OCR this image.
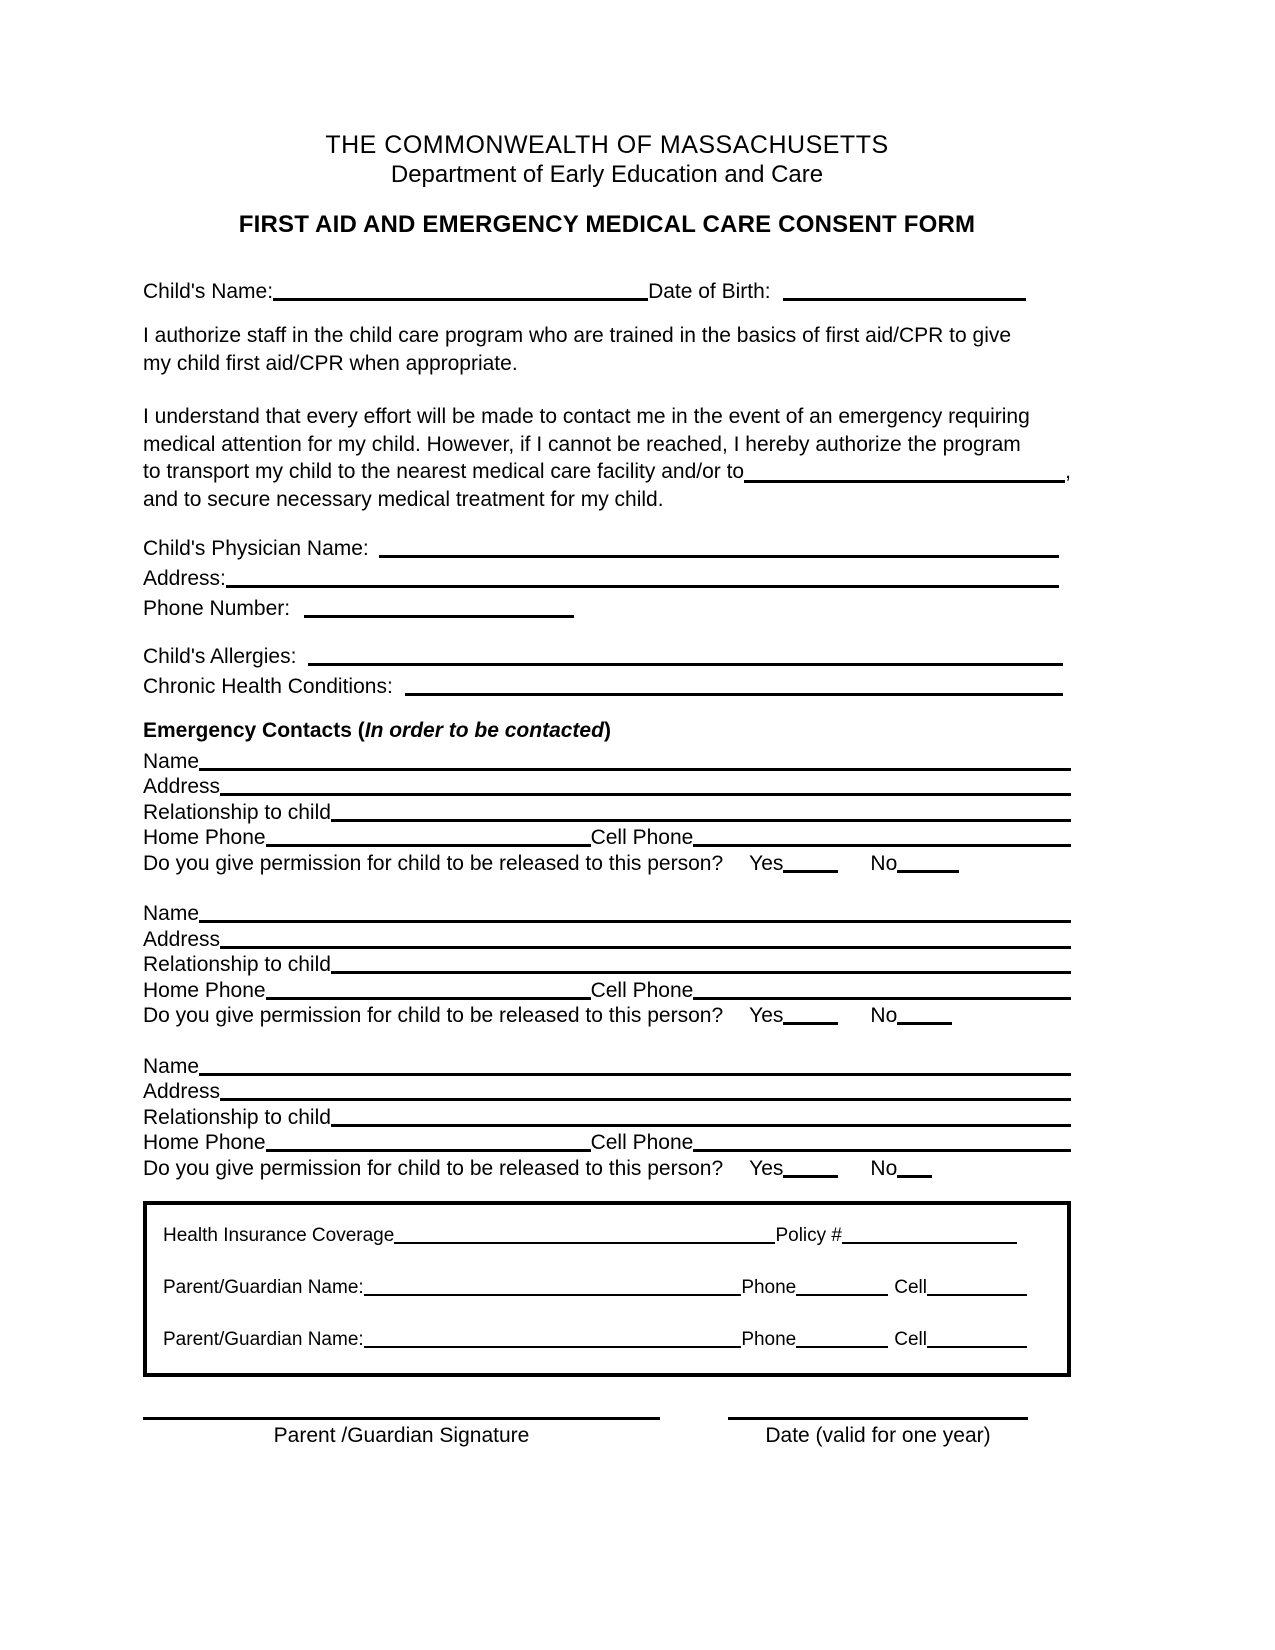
THE COMMONWEALTH OF MASSACHUSETTS
Department of Early Education and Care
FIRST AID AND EMERGENCY MEDICAL CARE CONSENT FORM
Child's Name:	Date of Birth:
I authorize staff in the child care program who are trained in the basics of first aid/CPR to give
my child first aid/CPR when appropriate.
I understand that every effort will be made to contact me in the event of an emergency requiring
medical attention for my child. However, if I cannot be reached, I hereby authorize the program
to transport my child to the nearest medical care facility and/or to	,
and to secure necessary medical treatment for my child.
Child's Physician Name:
Address:
Phone Number:
Child's Allergies:
Chronic Health Conditions:
Emergency Contacts (In order to be contacted)
Name
Address
Relationship to child
Home Phone	Cell Phone
Do you give permission for child to be released to this person? Yes	No
Name
Address
Relationship to child
Home Phone	Cell Phone
Do you give permission for child to be released to this person? Yes	No
Name
Address
Relationship to child
Home Phone	Cell Phone
Do you give permission for child to be released to this person? Yes	No
Health Insurance Coverage	Policy #
Parent/Guardian Name:	Phone	Cell
Parent/Guardian Name:	Phone	Cell
Parent /Guardian Signature	Date (valid for one year)
